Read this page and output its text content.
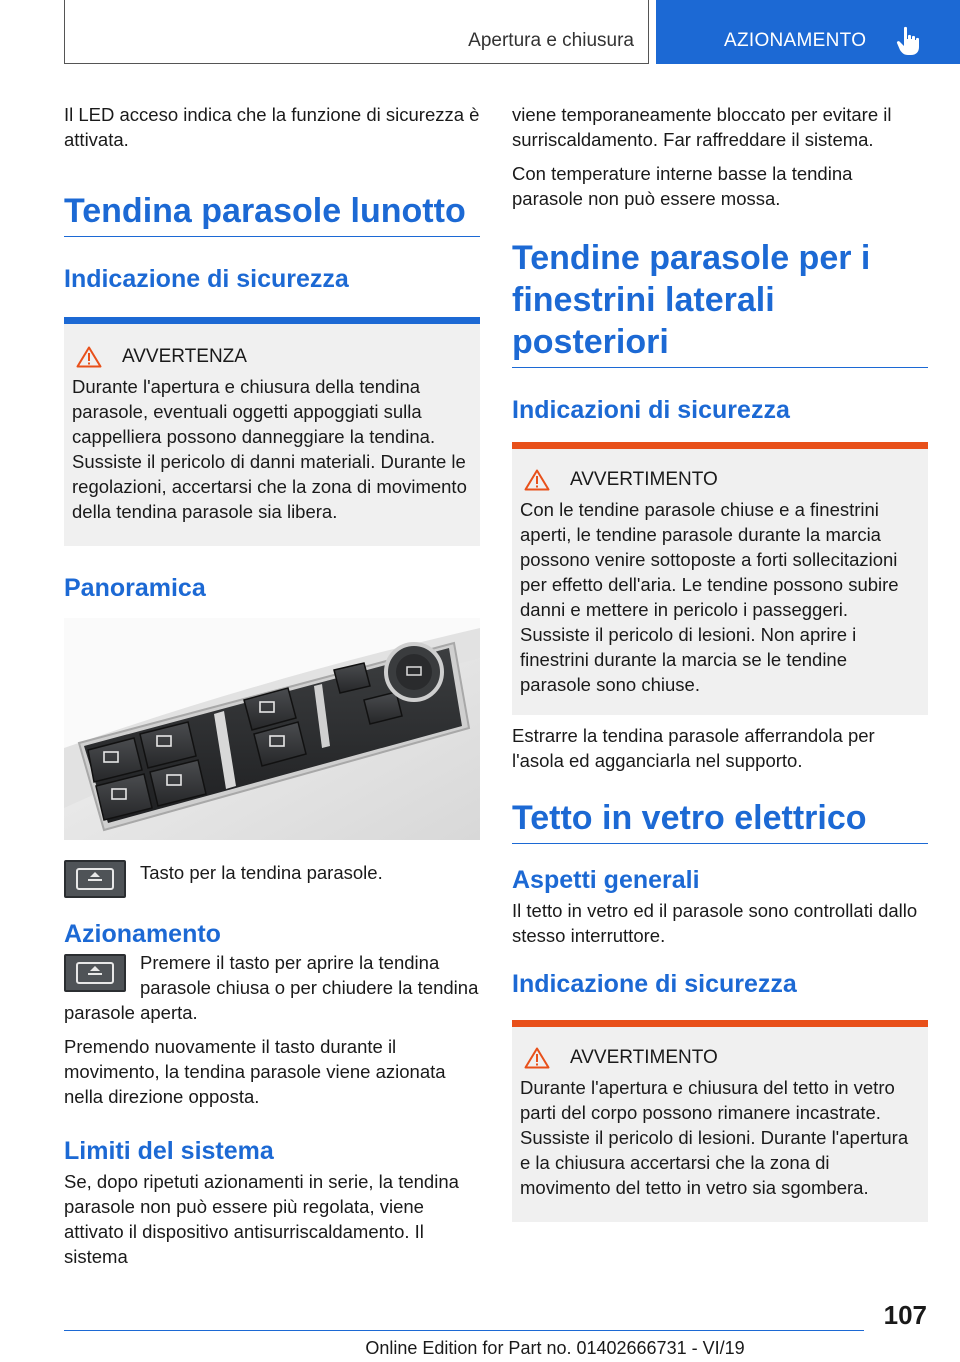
Apertura e chiusura	AZIONAMENTO

Il LED acceso indica che la funzione di sicurezza è attivata.

Tendina parasole lunotto
Indicazione di sicurezza
AVVERTENZA
Durante l'apertura e chiusura della tendina parasole, eventuali oggetti appoggiati sulla cappelliera possono danneggiare la tendina. Sussiste il pericolo di danni materiali. Durante le regolazioni, accertarsi che la zona di movimento della tendina parasole sia libera.
Panoramica

Tasto per la tendina parasole.

Azionamento

Premere il tasto per aprire la tendina parasole chiusa o per chiudere la tendina parasole aperta.

Premendo nuovamente il tasto durante il movimento, la tendina parasole viene azionata nella direzione opposta.

Limiti del sistema

Se, dopo ripetuti azionamenti in serie, la tendina parasole non può essere più regolata, viene attivato il dispositivo antisurriscaldamento. Il sistema

viene temporaneamente bloccato per evitare il surriscaldamento. Far raffreddare il sistema.

Con temperature interne basse la tendina parasole non può essere mossa.

Tendine parasole per i finestrini laterali posteriori
Indicazioni di sicurezza
AVVERTIMENTO
Con le tendine parasole chiuse e a finestrini aperti, le tendine parasole durante la marcia possono venire sottoposte a forti sollecitazioni per effetto dell'aria. Le tendine possono subire danni e mettere in pericolo i passeggeri. Sussiste il pericolo di lesioni. Non aprire i finestrini durante la marcia se le tendine parasole sono chiuse.

Estrarre la tendina parasole afferrandola per l'asola ed agganciarla nel supporto.

Tetto in vetro elettrico
Aspetti generali

Il tetto in vetro ed il parasole sono controllati dallo stesso interruttore.

Indicazione di sicurezza
AVVERTIMENTO
Durante l'apertura e chiusura del tetto in vetro parti del corpo possono rimanere incastrate. Sussiste il pericolo di lesioni. Durante l'apertura e la chiusura accertarsi che la zona di movimento del tetto in vetro sia sgombera.
107
Online Edition for Part no. 01402666731 - VI/19
